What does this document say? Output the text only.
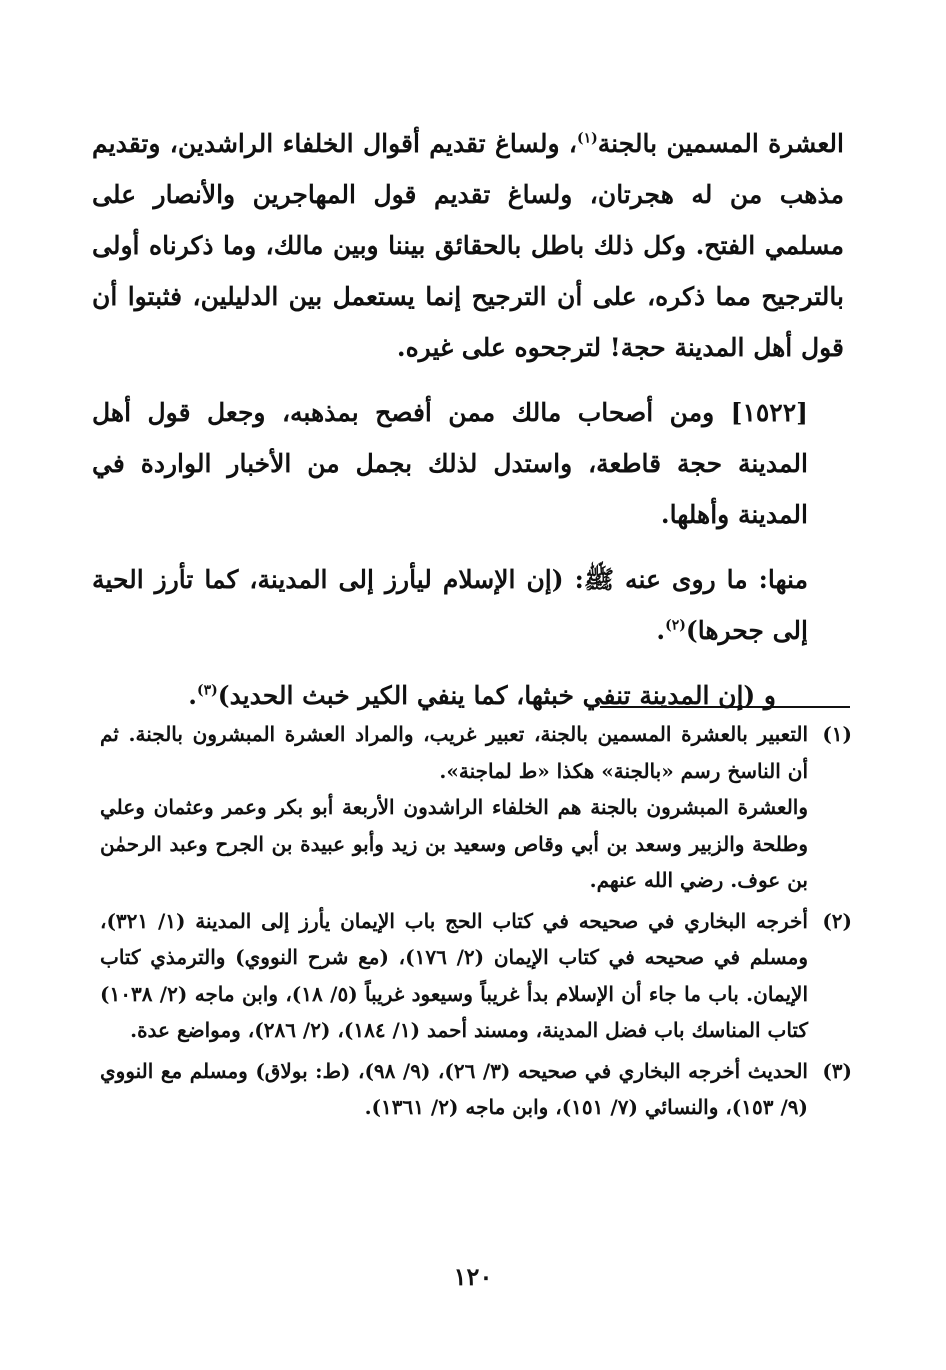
العشرة المسمين بالجنة$^{(١)}$، ولساغ تقديم أقوال الخلفاء الراشدين، وتقديم مذهب من له هجرتان، ولساغ تقديم قول المهاجرين والأنصار على مسلمي الفتح. وكل ذلك باطل بالحقائق بيننا وبين مالك، وما ذكرناه أولى بالترجيح مما ذكره، على أن الترجيح إنما يستعمل بين الدليلين، فثبتوا أن قول أهل المدينة حجة! لترجحوه على غيره.

[١٥٢٢] ومن أصحاب مالك ممن أفصح بمذهبه، وجعل قول أهل المدينة حجة قاطعة، واستدل لذلك بجمل من الأخبار الواردة في المدينة وأهلها.

منها: ما روى عنه ﷺ: (إن الإسلام ليأرز إلى المدينة، كما تأرز الحية إلى جحرها)$^{(٢)}$.

و (إن المدينة تنفي خبثها، كما ينفي الكير خبث الحديد)$^{(٣)}$.

(١)

التعبير بالعشرة المسمين بالجنة، تعبير غريب، والمراد العشرة المبشرون بالجنة. ثم أن الناسخ رسم «بالجنة» هكذا «ط لماجنة».

والعشرة المبشرون بالجنة هم الخلفاء الراشدون الأربعة أبو بكر وعمر وعثمان وعلي وطلحة والزبير وسعد بن أبي وقاص وسعيد بن زيد وأبو عبيدة بن الجرح وعبد الرحمٰن بن عوف. رضي الله عنهم.

(٢)

أخرجه البخاري في صحيحه في كتاب الحج باب الإيمان يأرز إلى المدينة (١/ ٣٢١)، ومسلم في صحيحه في كتاب الإيمان (٢/ ١٧٦)، (مع شرح النووي) والترمذي كتاب الإيمان. باب ما جاء أن الإسلام بدأ غريباً وسيعود غريباً (٥/ ١٨)، وابن ماجه (٢/ ١٠٣٨) كتاب المناسك باب فضل المدينة، ومسند أحمد (١/ ١٨٤)، (٢/ ٢٨٦)، ومواضع عدة.

(٣)

الحديث أخرجه البخاري في صحيحه (٣/ ٢٦)، (٩/ ٩٨)، (ط: بولاق) ومسلم مع النووي (٩/ ١٥٣)، والنسائي (٧/ ١٥١)، وابن ماجه (٢/ ١٣٦١).

١٢٠
